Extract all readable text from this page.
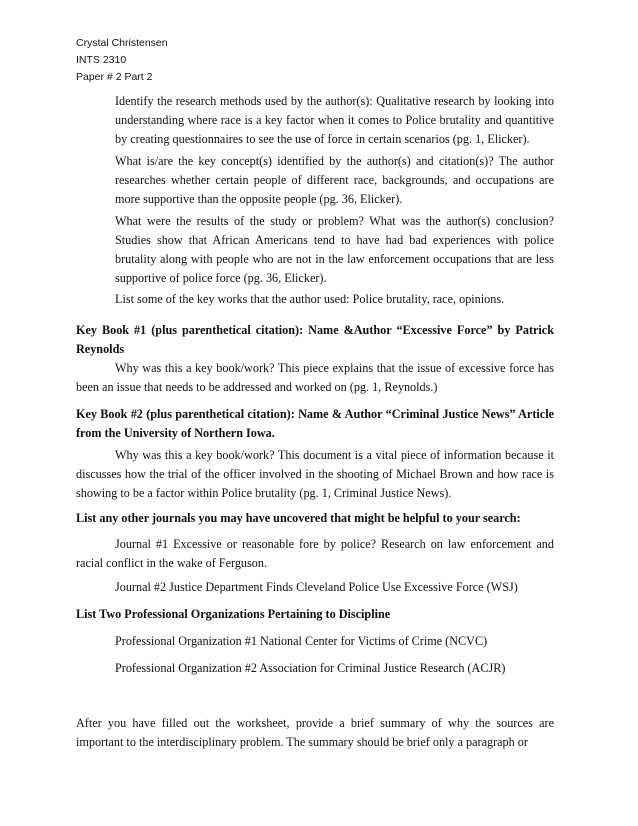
Crystal Christensen
INTS 2310
Paper # 2 Part 2
Identify the research methods used by the author(s): Qualitative research by looking into understanding where race is a key factor when it comes to Police brutality and quantitive by creating questionnaires to see the use of force in certain scenarios (pg. 1, Elicker).
What is/are the key concept(s) identified by the author(s) and citation(s)? The author researches whether certain people of different race, backgrounds, and occupations are more supportive than the opposite people (pg. 36, Elicker).
What were the results of the study or problem? What was the author(s) conclusion? Studies show that African Americans tend to have had bad experiences with police brutality along with people who are not in the law enforcement occupations that are less supportive of police force (pg. 36, Elicker).
List some of the key works that the author used: Police brutality, race, opinions.
Key Book #1 (plus parenthetical citation): Name &Author “Excessive Force” by Patrick Reynolds
Why was this a key book/work? This piece explains that the issue of excessive force has been an issue that needs to be addressed and worked on (pg. 1, Reynolds.)
Key Book #2 (plus parenthetical citation): Name & Author “Criminal Justice News” Article from the University of Northern Iowa.
Why was this a key book/work? This document is a vital piece of information because it discusses how the trial of the officer involved in the shooting of Michael Brown and how race is showing to be a factor within Police brutality (pg. 1, Criminal Justice News).
List any other journals you may have uncovered that might be helpful to your search:
Journal #1 Excessive or reasonable fore by police? Research on law enforcement and racial conflict in the wake of Ferguson.
Journal #2 Justice Department Finds Cleveland Police Use Excessive Force (WSJ)
List Two Professional Organizations Pertaining to Discipline
Professional Organization #1 National Center for Victims of Crime (NCVC)
Professional Organization #2 Association for Criminal Justice Research (ACJR)
After you have filled out the worksheet, provide a brief summary of why the sources are important to the interdisciplinary problem. The summary should be brief only a paragraph or
